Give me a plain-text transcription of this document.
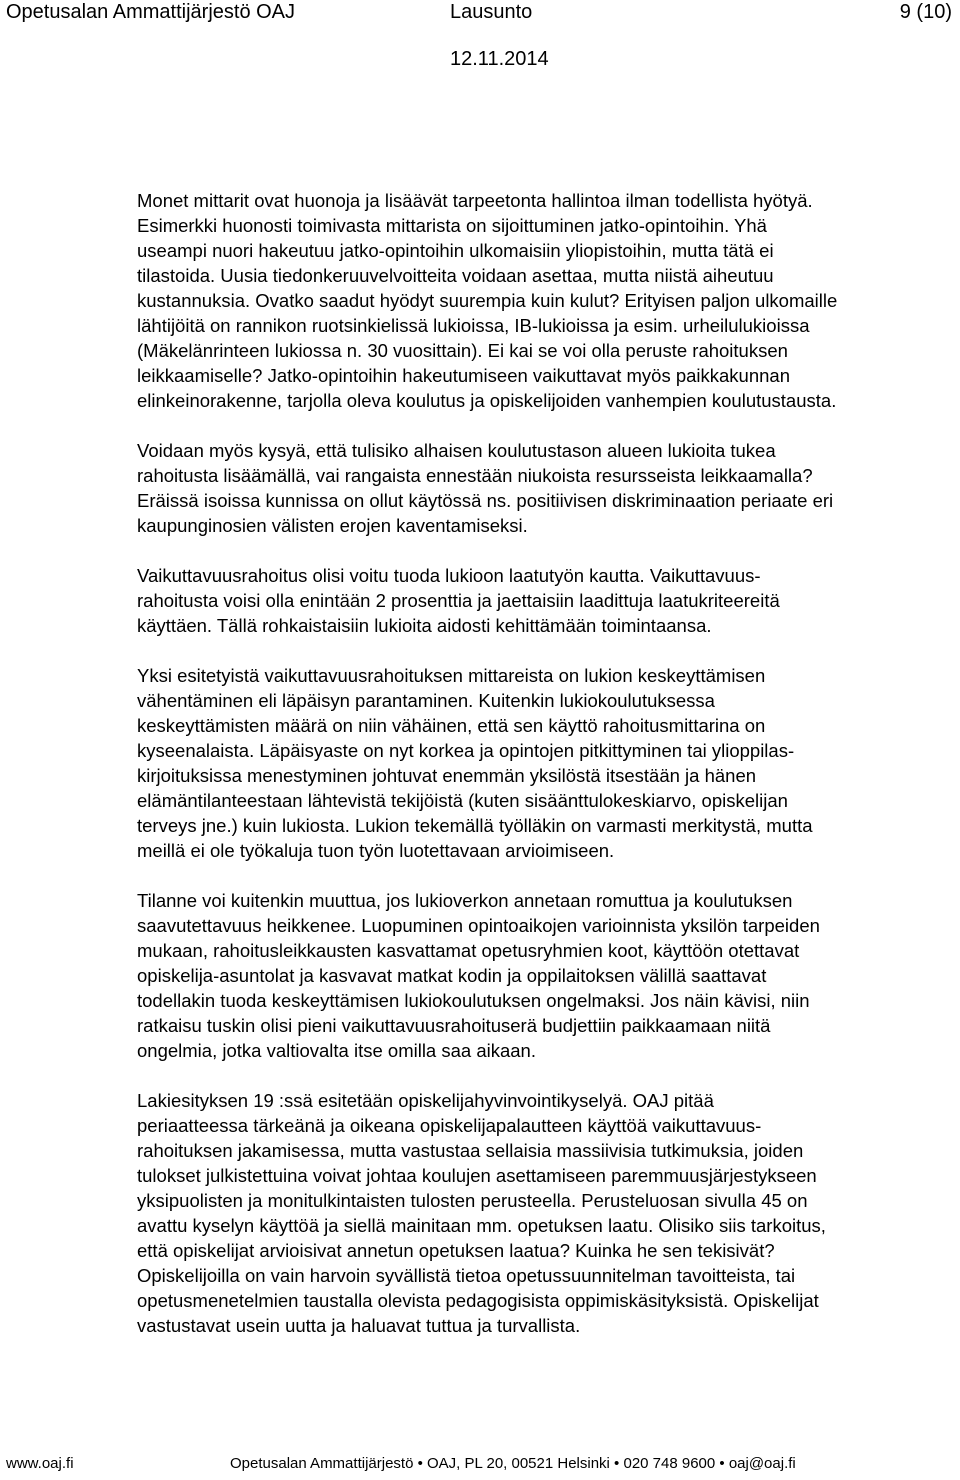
Opetusalan Ammattijärjestö OAJ	Lausunto	9 (10)
12.11.2014
Monet mittarit ovat huonoja ja lisäävät tarpeetonta hallintoa ilman todellista hyötyä.
Esimerkki huonosti toimivasta mittarista on sijoittuminen jatko-opintoihin. Yhä
useampi nuori hakeutuu jatko-opintoihin ulkomaisiin yliopistoihin, mutta tätä ei
tilastoida. Uusia tiedonkeruuvelvoitteita voidaan asettaa, mutta niistä aiheutuu
kustannuksia. Ovatko saadut hyödyt suurempia kuin kulut? Erityisen paljon ulkomaille
lähtijöitä on rannikon ruotsinkielissä lukioissa, IB-lukioissa ja esim. urheilulukioissa
(Mäkelänrinteen lukiossa n. 30 vuosittain). Ei kai se voi olla peruste rahoituksen
leikkaamiselle? Jatko-opintoihin hakeutumiseen vaikuttavat myös paikkakunnan
elinkeinorakenne, tarjolla oleva koulutus ja opiskelijoiden vanhempien koulutustausta.
Voidaan myös kysyä, että tulisiko alhaisen koulutustason alueen lukioita tukea
rahoitusta lisäämällä, vai rangaista ennestään niukoista resursseista leikkaamalla?
Eräissä isoissa kunnissa on ollut käytössä ns. positiivisen diskriminaation periaate eri
kaupunginosien välisten erojen kaventamiseksi.
Vaikuttavuusrahoitus olisi voitu tuoda lukioon laatutyön kautta. Vaikuttavuus-
rahoitusta voisi olla enintään 2 prosenttia ja jaettaisiin laadittuja laatukriteereitä
käyttäen. Tällä rohkaistaisiin lukioita aidosti kehittämään toimintaansa.
Yksi esitetyistä vaikuttavuusrahoituksen mittareista on lukion keskeyttämisen
vähentäminen eli läpäisyn parantaminen. Kuitenkin lukiokoulutuksessa
keskeyttämisten määrä on niin vähäinen, että sen käyttö rahoitusmittarina on
kyseenalaista. Läpäisyaste on nyt korkea ja opintojen pitkittyminen tai ylioppilas-
kirjoituksissa menestyminen johtuvat enemmän yksilöstä itsestään ja hänen
elämäntilanteestaan lähtevistä tekijöistä (kuten sisäänttulokeskiarvo, opiskelijan
terveys jne.) kuin lukiosta. Lukion tekemällä työlläkin on varmasti merkitystä, mutta
meillä ei ole työkaluja tuon työn luotettavaan arvioimiseen.
Tilanne voi kuitenkin muuttua, jos lukioverkon annetaan romuttua ja koulutuksen
saavutettavuus heikkenee. Luopuminen opintoaikojen varioinnista yksilön tarpeiden
mukaan, rahoitusleikkausten kasvattamat opetusryhmien koot, käyttöön otettavat
opiskelija-asuntolat ja kasvavat matkat kodin ja oppilaitoksen välillä saattavat
todellakin tuoda keskeyttämisen lukiokoulutuksen ongelmaksi. Jos näin kävisi, niin
ratkaisu tuskin olisi pieni vaikuttavuusrahoituserä budjettiin paikkaamaan niitä
ongelmia, jotka valtiovalta itse omilla saa aikaan.
Lakiesityksen 19 :ssä esitetään opiskelijahyvinvointikyselyä. OAJ pitää
periaatteessa tärkeänä ja oikeana opiskelijapalautteen käyttöä vaikuttavuus-
rahoituksen jakamisessa, mutta vastustaa sellaisia massiivisia tutkimuksia, joiden
tulokset julkistettuina voivat johtaa koulujen asettamiseen paremmuusjärjestykseen
yksipuolisten ja monitulkintaisten tulosten perusteella. Perusteluosan sivulla 45 on
avattu kyselyn käyttöä ja siellä mainitaan mm. opetuksen laatu. Olisiko siis tarkoitus,
että opiskelijat arvioisivat annetun opetuksen laatua? Kuinka he sen tekisivät?
Opiskelijoilla on vain harvoin syvällistä tietoa opetussuunnitelman tavoitteista, tai
opetusmenetelmien taustalla olevista pedagogisista oppimiskäsityksistä. Opiskelijat
vastustavat usein uutta ja haluavat tuttua ja turvallista.
www.oaj.fi	Opetusalan Ammattijärjestö • OAJ, PL 20, 00521 Helsinki • 020 748 9600 • oaj@oaj.fi
